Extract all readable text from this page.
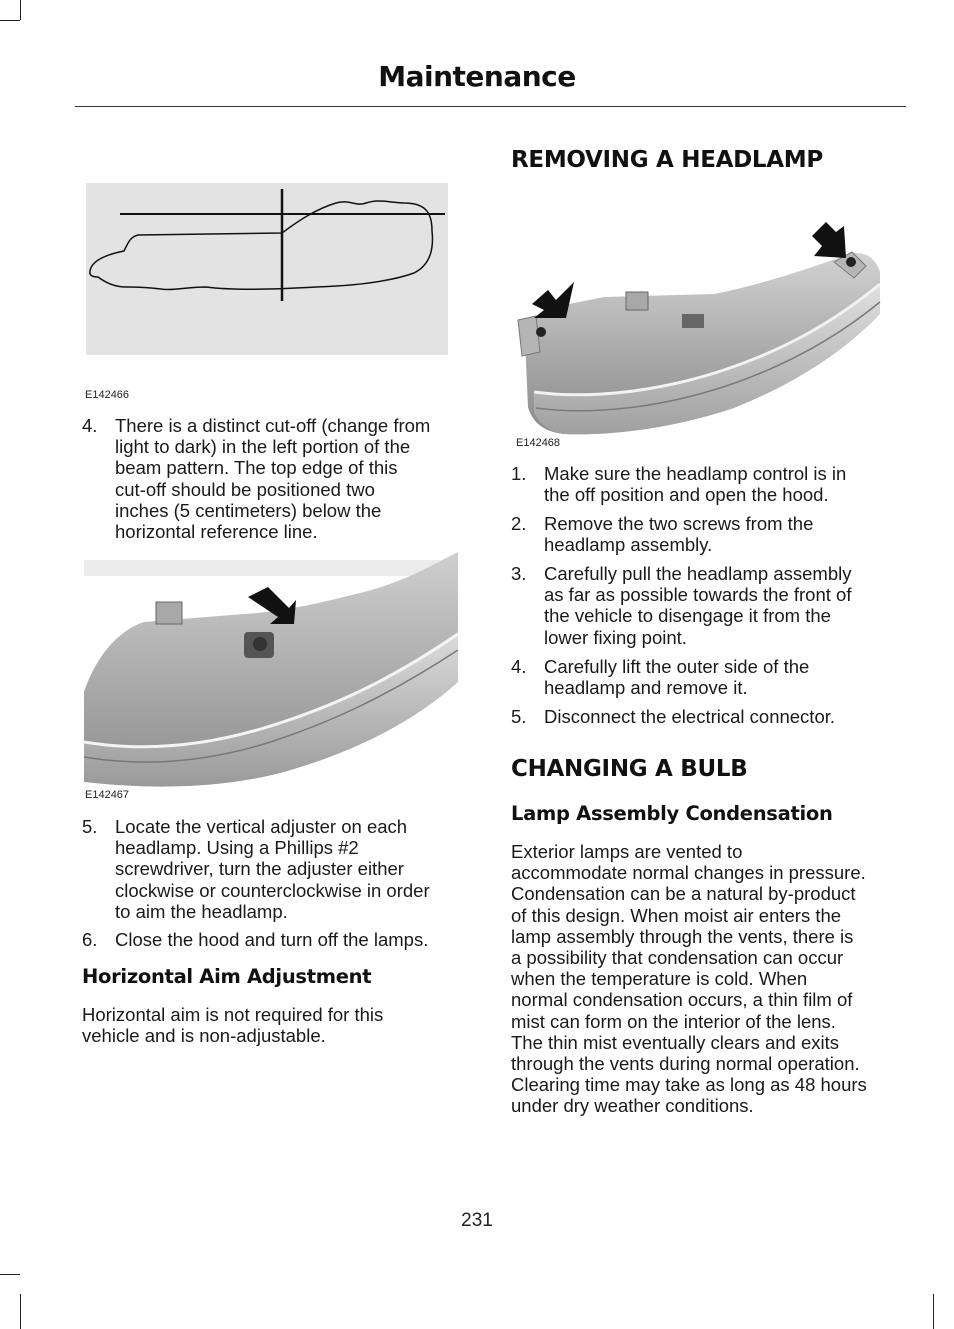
Maintenance
E142466
4. There is a distinct cut-off (change from
light to dark) in the left portion of the
beam pattern. The top edge of this
cut-off should be positioned two
inches (5 centimeters) below the
horizontal reference line.
E142467
5. Locate the vertical adjuster on each
headlamp. Using a Phillips #2
screwdriver, turn the adjuster either
clockwise or counterclockwise in order
to aim the headlamp.
6. Close the hood and turn off the lamps.
Horizontal Aim Adjustment
Horizontal aim is not required for this
vehicle and is non-adjustable.
REMOVING A HEADLAMP
E142468
1. Make sure the headlamp control is in
the off position and open the hood.
2. Remove the two screws from the
headlamp assembly.
3. Carefully pull the headlamp assembly
as far as possible towards the front of
the vehicle to disengage it from the
lower fixing point.
4. Carefully lift the outer side of the
headlamp and remove it.
5. Disconnect the electrical connector.
CHANGING A BULB
Lamp Assembly Condensation
Exterior lamps are vented to
accommodate normal changes in pressure.
Condensation can be a natural by-product
of this design. When moist air enters the
lamp assembly through the vents, there is
a possibility that condensation can occur
when the temperature is cold. When
normal condensation occurs, a thin film of
mist can form on the interior of the lens.
The thin mist eventually clears and exits
through the vents during normal operation.
Clearing time may take as long as 48 hours
under dry weather conditions.
231
